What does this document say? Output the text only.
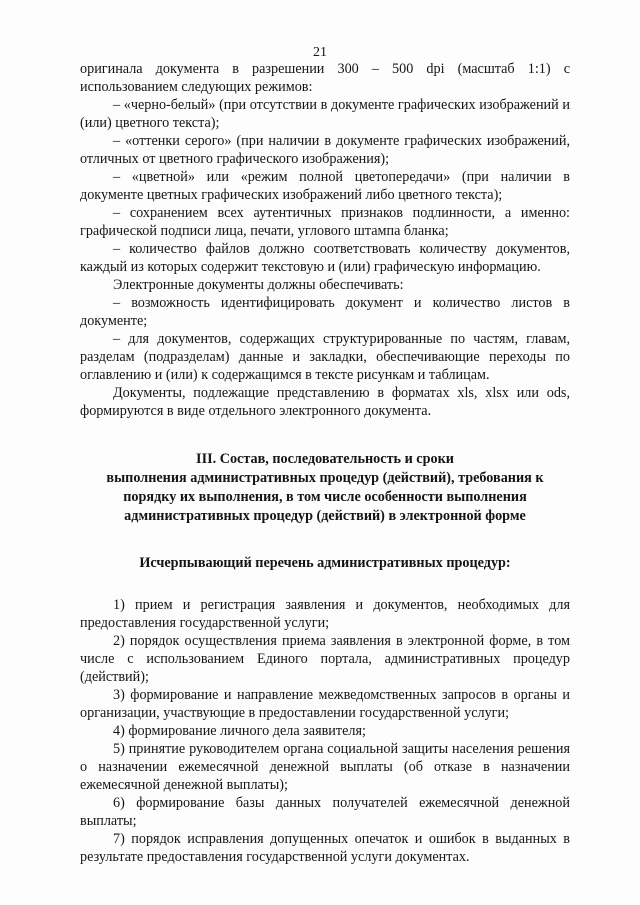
21

оригинала документа в разрешении 300 – 500 dpi (масштаб 1:1) с использованием следующих режимов:

– «черно-белый» (при отсутствии в документе графических изображений и (или) цветного текста);

– «оттенки серого» (при наличии в документе графических изображений, отличных от цветного графического изображения);

– «цветной» или «режим полной цветопередачи» (при наличии в документе цветных графических изображений либо цветного текста);

– сохранением всех аутентичных признаков подлинности, а именно: графической подписи лица, печати, углового штампа бланка;

– количество файлов должно соответствовать количеству документов, каждый из которых содержит текстовую и (или) графическую информацию.

Электронные документы должны обеспечивать:

– возможность идентифицировать документ и количество листов в документе;

– для документов, содержащих структурированные по частям, главам, разделам (подразделам) данные и закладки, обеспечивающие переходы по оглавлению и (или) к содержащимся в тексте рисункам и таблицам.

Документы, подлежащие представлению в форматах xls, xlsx или ods, формируются в виде отдельного электронного документа.

III. Состав, последовательность и сроки
выполнения административных процедур (действий), требования к
порядку их выполнения, в том числе особенности выполнения
административных процедур (действий) в электронной форме
Исчерпывающий перечень административных процедур:

1) прием и регистрация заявления и документов, необходимых для предоставления государственной услуги;

2) порядок осуществления приема заявления в электронной форме, в том числе с использованием Единого портала, административных процедур (действий);

3) формирование и направление межведомственных запросов в органы и организации, участвующие в предоставлении государственной услуги;

4) формирование личного дела заявителя;

5) принятие руководителем органа социальной защиты населения решения о назначении ежемесячной денежной выплаты (об отказе в назначении ежемесячной денежной выплаты);

6) формирование базы данных получателей ежемесячной денежной выплаты;

7) порядок исправления допущенных опечаток и ошибок в выданных в результате предоставления государственной услуги документах.
